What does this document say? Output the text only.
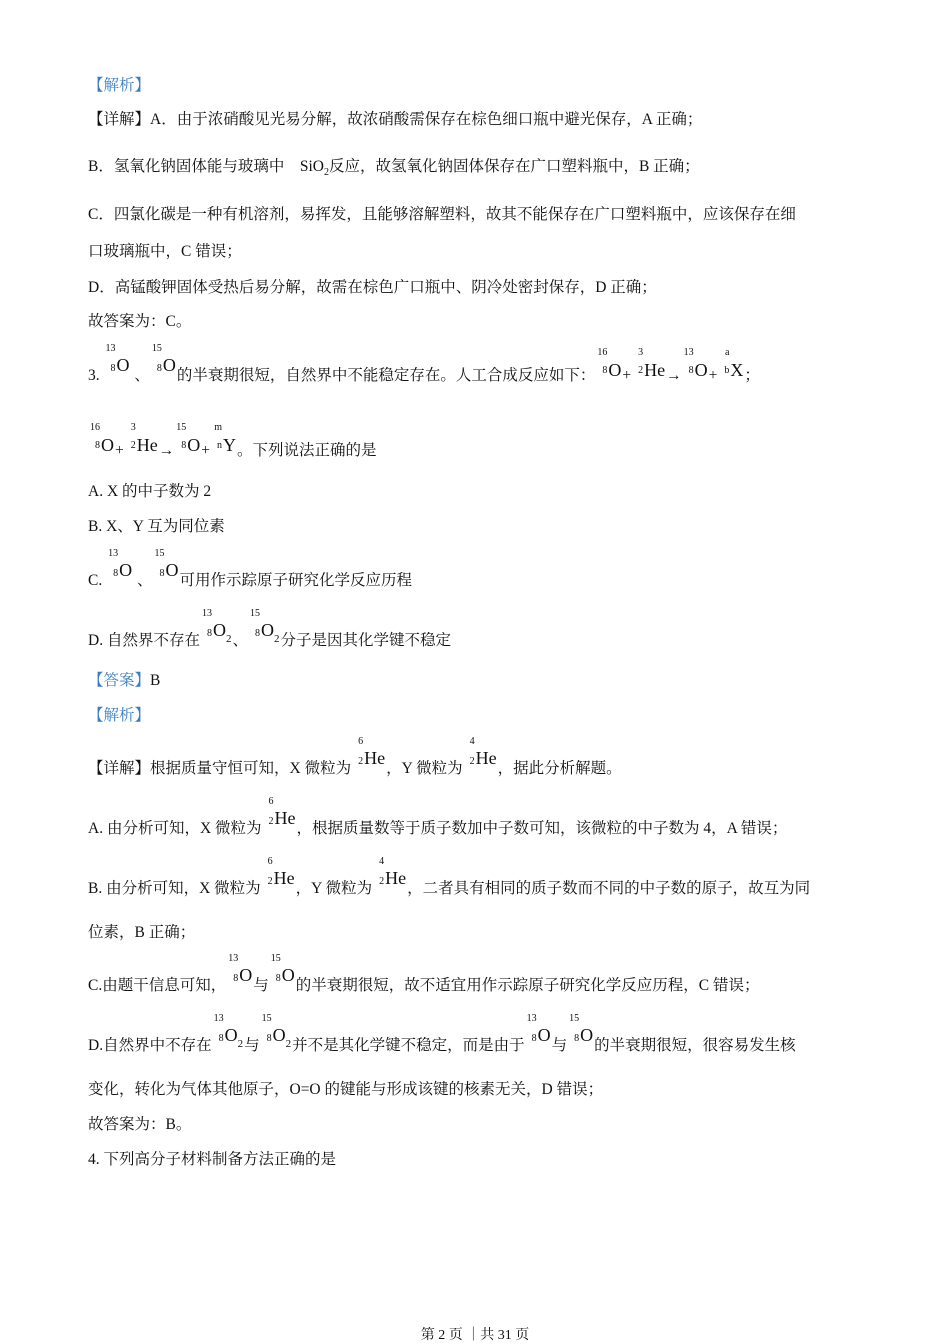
【解析】
【详解】A．由于浓硝酸见光易分解，故浓硝酸需保存在棕色细口瓶中避光保存，A 正确；
B．氢氧化钠固体能与玻璃中　SiO$_2$反应，故氢氧化钠固体保存在广口塑料瓶中，B 正确；
C．四氯化碳是一种有机溶剂，易挥发，且能够溶解塑料，故其不能保存在广口塑料瓶中，应该保存在细
口玻璃瓶中，C 错误；
D．高锰酸钾固体受热后易分解，故需在棕色广口瓶中、阴冷处密封保存，D 正确；
故答案为：C。
3.
13
8 O 、
15
8 O的半衰期很短，自然界中不能稳定存在。人工合成反应如下：
16
8 O+
3
2 He→
13
8 O+
a
b X；
16
8 O+
3
2 He→
15
8 O+
m
n Y。下列说法正确的是
A. X 的中子数为 2
B. X、Y 互为同位素
C.
13
8 O 、
15
8 O可用作示踪原子研究化学反应历程
D. 自然界不存在
13
8 O2、
15
8 O2分子是因其化学键不稳定
【答案】B
【解析】
【详解】根据质量守恒可知，X 微粒为
6
2 He，Y 微粒为
4
2 He，据此分析解题。
A. 由分析可知，X 微粒为
6
2 He，根据质量数等于质子数加中子数可知，该微粒的中子数为 4，A 错误；
B. 由分析可知，X 微粒为
6
2 He，Y 微粒为
4
2 He，二者具有相同的质子数而不同的中子数的原子，故互为同
位素，B 正确；
C.由题干信息可知，
13
8 O与
15
8 O的半衰期很短，故不适宜用作示踪原子研究化学反应历程，C 错误；
D.自然界中不存在
13
8 O2与
15
8 O2并不是其化学键不稳定，而是由于
13
8 O与
15
8 O的半衰期很短，很容易发生核
变化，转化为气体其他原子，O=O 的键能与形成该键的核素无关，D 错误；
故答案为：B。
4. 下列高分子材料制备方法正确的是
第 2 页 ｜共 31 页
